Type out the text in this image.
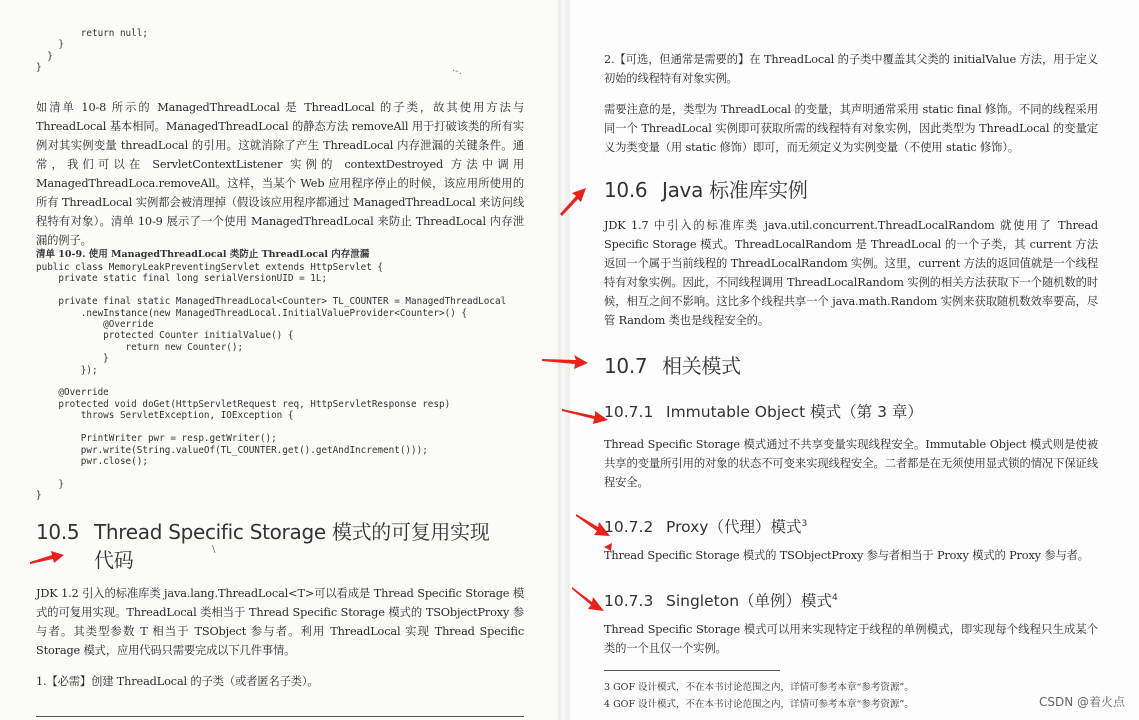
return null;
}
}
}	·-.

如清单 10-8 所示的 ManagedThreadLocal 是 ThreadLocal 的子类，故其使用方法与 ThreadLocal 基本相同。ManagedThreadLocal 的静态方法 removeAll 用于打破该类的所有实例对其实例变量 threadLocal 的引用。这就消除了产生 ThreadLocal 内存泄漏的关键条件。通常，我们可以在 ServletContextListener 实例的 contextDestroyed 方法中调用 ManagedThreadLoca.removeAll。这样，当某个 Web 应用程序停止的时候，该应用所使用的所有 ThreadLocal 实例都会被清理掉（假设该应用程序都通过 ManagedThreadLocal 来访问线程特有对象）。清单 10-9 展示了一个使用 ManagedThreadLocal 来防止 ThreadLocal 内存泄漏的例子。

清单 10-9. 使用 ManagedThreadLocal 类防止 ThreadLocal 内存泄漏

public class MemoryLeakPreventingServlet extends HttpServlet {
private static final long serialVersionUID = 1L;

private final static ManagedThreadLocal<Counter> TL_COUNTER = ManagedThreadLocal
.newInstance(new ManagedThreadLocal.InitialValueProvider<Counter>() {
@Override
protected Counter initialValue() {
return new Counter();
}
});

@Override
protected void doGet(HttpServletRequest req, HttpServletResponse resp)
throws ServletException, IOException {

PrintWriter pwr = resp.getWriter();
pwr.write(String.valueOf(TL_COUNTER.get().getAndIncrement()));
pwr.close();

}
}

10.5 Thread Specific Storage 模式的可复用实现代码	\

JDK 1.2 引入的标准库类 java.lang.ThreadLocal<T>可以看成是 Thread Specific Storage 模式的可复用实现。ThreadLocal 类相当于 Thread Specific Storage 模式的 TSObjectProxy 参与者。其类型参数 T 相当于 TSObject 参与者。利用 ThreadLocal 实现 Thread Specific Storage 模式，应用代码只需要完成以下几件事情。

1.【必需】创建 ThreadLocal 的子类（或者匿名子类）。

2.【可选，但通常是需要的】在 ThreadLocal 的子类中覆盖其父类的 initialValue 方法，用于定义初始的线程特有对象实例。

需要注意的是，类型为 ThreadLocal 的变量，其声明通常采用 static final 修饰。不同的线程采用同一个 ThreadLocal 实例即可获取所需的线程特有对象实例，因此类型为 ThreadLocal 的变量定义为类变量（用 static 修饰）即可，而无须定义为实例变量（不使用 static 修饰）。

10.6 Java 标准库实例

JDK 1.7 中引入的标准库类 java.util.concurrent.ThreadLocalRandom 就使用了 Thread Specific Storage 模式。ThreadLocalRandom 是 ThreadLocal 的一个子类，其 current 方法返回一个属于当前线程的 ThreadLocalRandom 实例。这里，current 方法的返回值就是一个线程特有对象实例。因此，不同线程调用 ThreadLocalRandom 实例的相关方法获取下一个随机数的时候，相互之间不影响。这比多个线程共享一个 java.math.Random 实例来获取随机数效率要高，尽管 Random 类也是线程安全的。

10.7 相关模式

10.7.1 Immutable Object 模式（第 3 章）

Thread Specific Storage 模式通过不共享变量实现线程安全。Immutable Object 模式则是使被共享的变量所引用的对象的状态不可变来实现线程安全。二者都是在无须使用显式锁的情况下保证线程安全。

10.7.2 Proxy（代理）模式$^3$

Thread Specific Storage 模式的 TSObjectProxy 参与者相当于 Proxy 模式的 Proxy 参与者。

10.7.3 Singleton（单例）模式$^4$

Thread Specific Storage 模式可以用来实现特定于线程的单例模式，即实现每个线程只生成某个类的一个且仅一个实例。

3 GOF 设计模式，不在本书讨论范围之内，详情可参考本章“参考资源”。

4 GOF 设计模式，不在本书讨论范围之内，详情可参考本章“参考资源”。	CSDN @着火点
